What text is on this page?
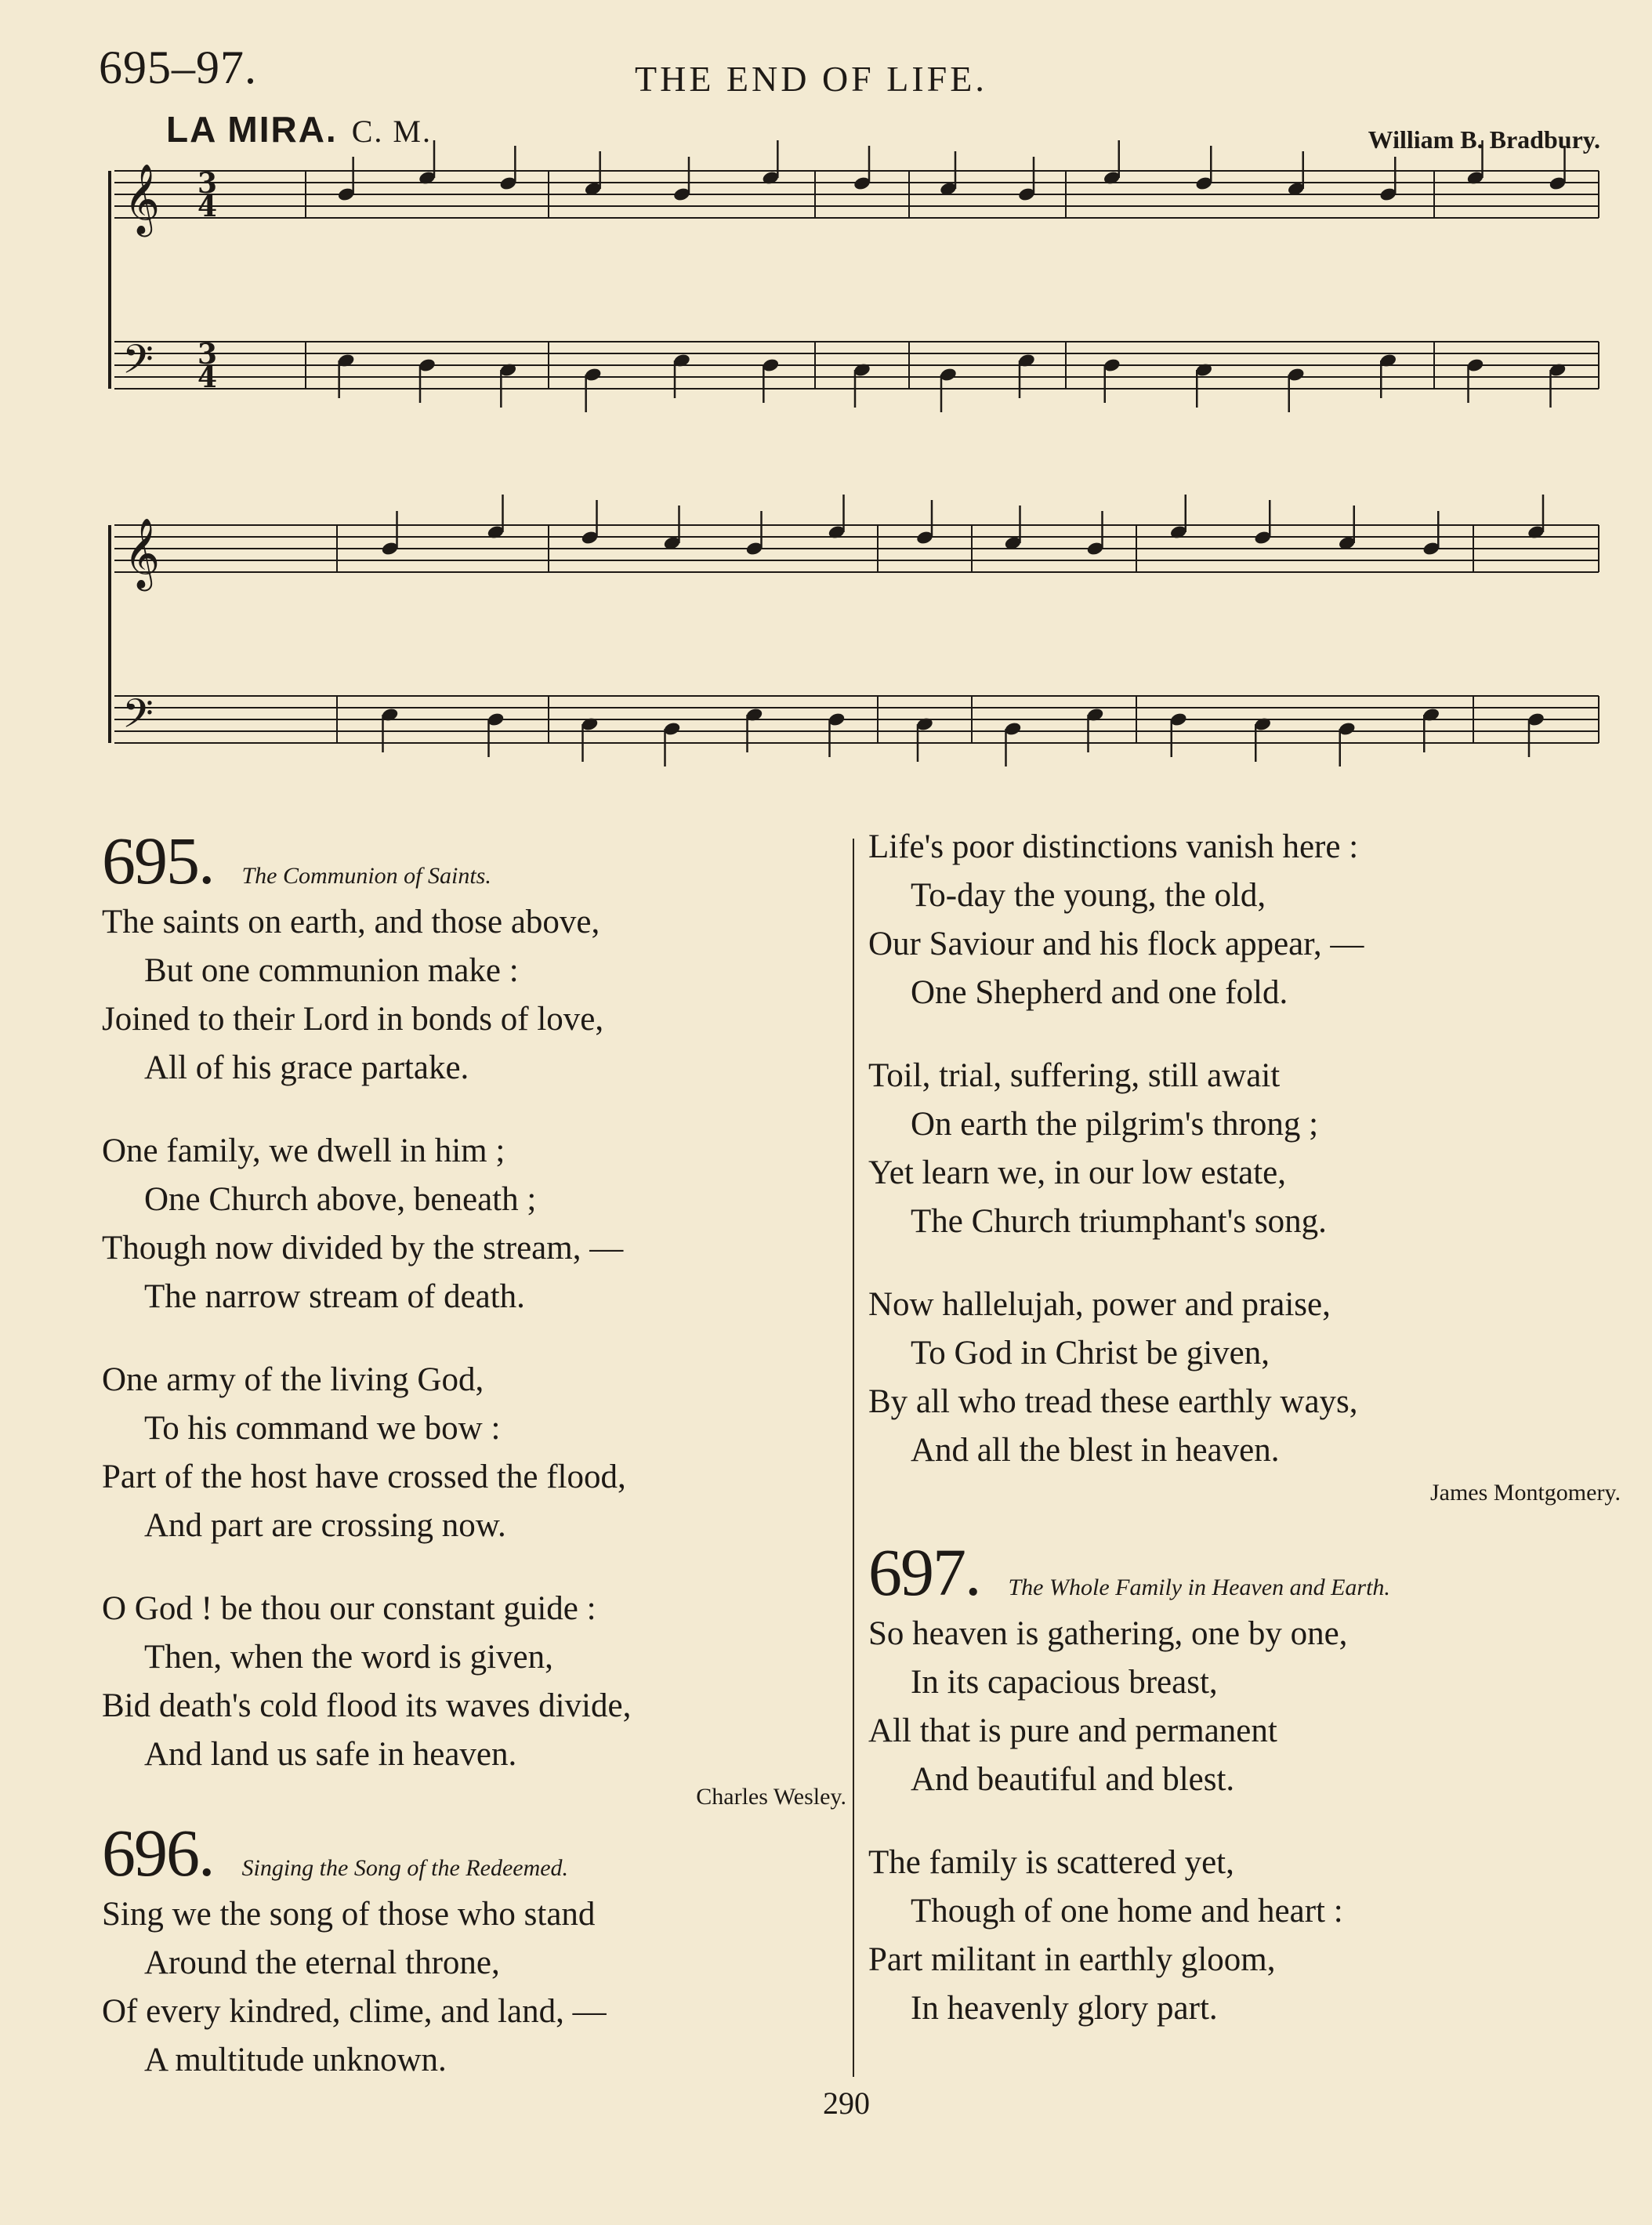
695–97.	THE END OF LIFE.
LA MIRA. C. M.	William B. Bradbury.
𝄞
𝄢
3
4
3
4
𝄞
𝄢
695. The Communion of Saints.
The saints on earth, and those above,
But one communion make :
Joined to their Lord in bonds of love,
All of his grace partake.
One family, we dwell in him ;
One Church above, beneath ;
Though now divided by the stream, —
The narrow stream of death.
One army of the living God,
To his command we bow :
Part of the host have crossed the flood,
And part are crossing now.
O God ! be thou our constant guide :
Then, when the word is given,
Bid death's cold flood its waves divide,
And land us safe in heaven.
Charles Wesley.
696. Singing the Song of the Redeemed.
Sing we the song of those who stand
Around the eternal throne,
Of every kindred, clime, and land, —
A multitude unknown.
Life's poor distinctions vanish here :
To-day the young, the old,
Our Saviour and his flock appear, —
One Shepherd and one fold.
Toil, trial, suffering, still await
On earth the pilgrim's throng ;
Yet learn we, in our low estate,
The Church triumphant's song.
Now hallelujah, power and praise,
To God in Christ be given,
By all who tread these earthly ways,
And all the blest in heaven.
James Montgomery.
697. The Whole Family in Heaven and Earth.
So heaven is gathering, one by one,
In its capacious breast,
All that is pure and permanent
And beautiful and blest.
The family is scattered yet,
Though of one home and heart :
Part militant in earthly gloom,
In heavenly glory part.
290
